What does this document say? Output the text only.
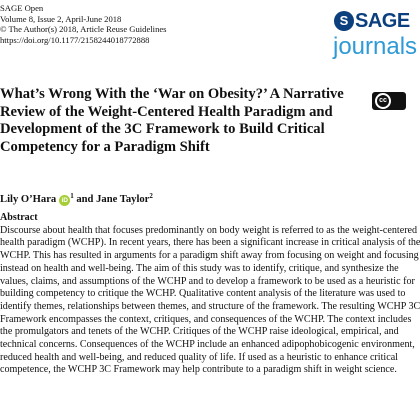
SAGE Open
Volume 8, Issue 2, April-June 2018
© The Author(s) 2018, Article Reuse Guidelines
https://doi.org/10.1177/2158244018772888
S SAGE
journals
What’s Wrong With the ‘War on Obesity?’ A Narrative Review of the Weight-Centered Health Paradigm and Development of the 3C Framework to Build Critical Competency for a Paradigm Shift
cc
Lily O’Hara $iD^1$ and Jane Taylor$^2$
Abstract
Discourse about health that focuses predominantly on body weight is referred to as the weight-centered
health paradigm (WCHP). In recent years, there has been a significant increase in critical analysis of the
WCHP. This has resulted in arguments for a paradigm shift away from focusing on weight and focusing
instead on health and well-being. The aim of this study was to identify, critique, and synthesize the
values, claims, and assumptions of the WCHP and to develop a framework to be used as a heuristic for
building competency to critique the WCHP. Qualitative content analysis of the literature was used to
identify themes, relationships between themes, and structure of the framework. The resulting WCHP 3C
Framework encompasses the context, critiques, and consequences of the WCHP. The context includes
the promulgators and tenets of the WCHP. Critiques of the WCHP raise ideological, empirical, and
technical concerns. Consequences of the WCHP include an enhanced adipophobicogenic environment,
reduced health and well-being, and reduced quality of life. If used as a heuristic to enhance critical
competence, the WCHP 3C Framework may help contribute to a paradigm shift in weight science.
